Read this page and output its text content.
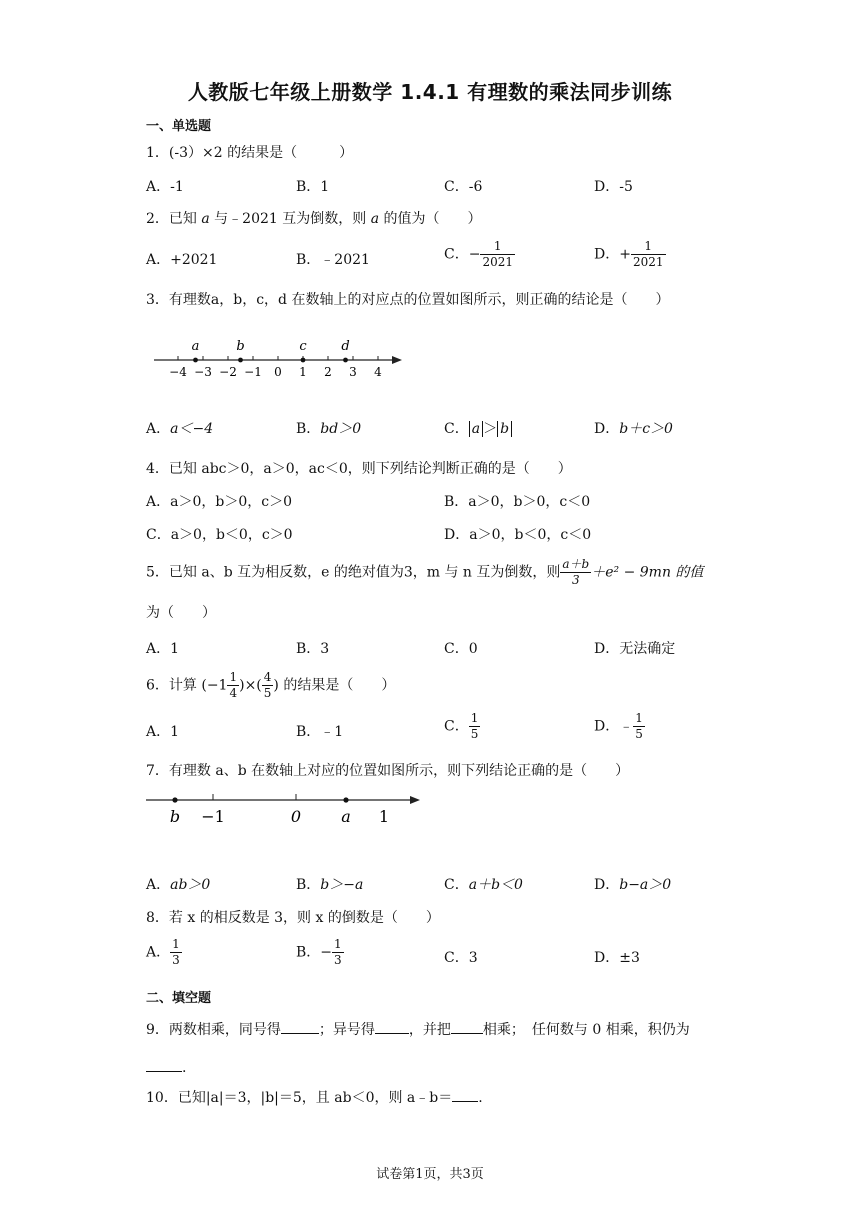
人教版七年级上册数学 1.4.1 有理数的乘法同步训练
一、单选题
1．(-3）×2 的结果是（　　　）
A．-1	B．1	C．-6	D．-5
2．已知 a 与﹣2021 互为倒数，则 a 的值为（　　）
A．+2021	B．﹣2021	C．− $\frac{1}{2021}$	D．+ $\frac{1}{2021}$
3．有理数a，b，c，d 在数轴上的对应点的位置如图所示，则正确的结论是（　　）
−4 −3 −2 −1 0 1 2 3 4
a	b	c	d
A．a＜−4	B．bd＞0	C． a ＞ b	D．b＋c＞0
4．已知 abc＞0，a＞0，ac＜0，则下列结论判断正确的是（　　）
A．a＞0，b＞0，c＞0	B．a＞0，b＞0，c＜0
C．a＞0，b＜0，c＞0	D．a＞0，b＜0，c＜0
5．已知 a、b 互为相反数，e 的绝对值为3，m 与 n 互为倒数，则 $\frac{a+b}{3} +e^2 - 9mn$ 的值
为（　　）
A．1	B．3	C．0	D．无法确定
6．计算 ($-1 \frac{1}{4}$ )×( $\frac{4}{5}$ ) 的结果是（　　）
A．1	B．﹣1	C． $\frac{1}{5}$	D．﹣ $\frac{1}{5}$
7．有理数 a、b 在数轴上对应的位置如图所示，则下列结论正确的是（　　）
b −1	0	a 1
A．ab＞0	B．b＞−a	C．a＋b＜0	D．b−a＞0
8．若 x 的相反数是 3，则 x 的倒数是（　　）
A． $\frac{1}{3}$	B．− $\frac{1}{3}$	C．3	D．±3
二、填空题
9．两数相乘，同号得	；异号得 ，并把 相乘；　任何数与 0 相乘，积仍为
.
10．已知|a|＝3，|b|＝5，且 ab＜0，则 a﹣b＝ .
试卷第1页，共3页
